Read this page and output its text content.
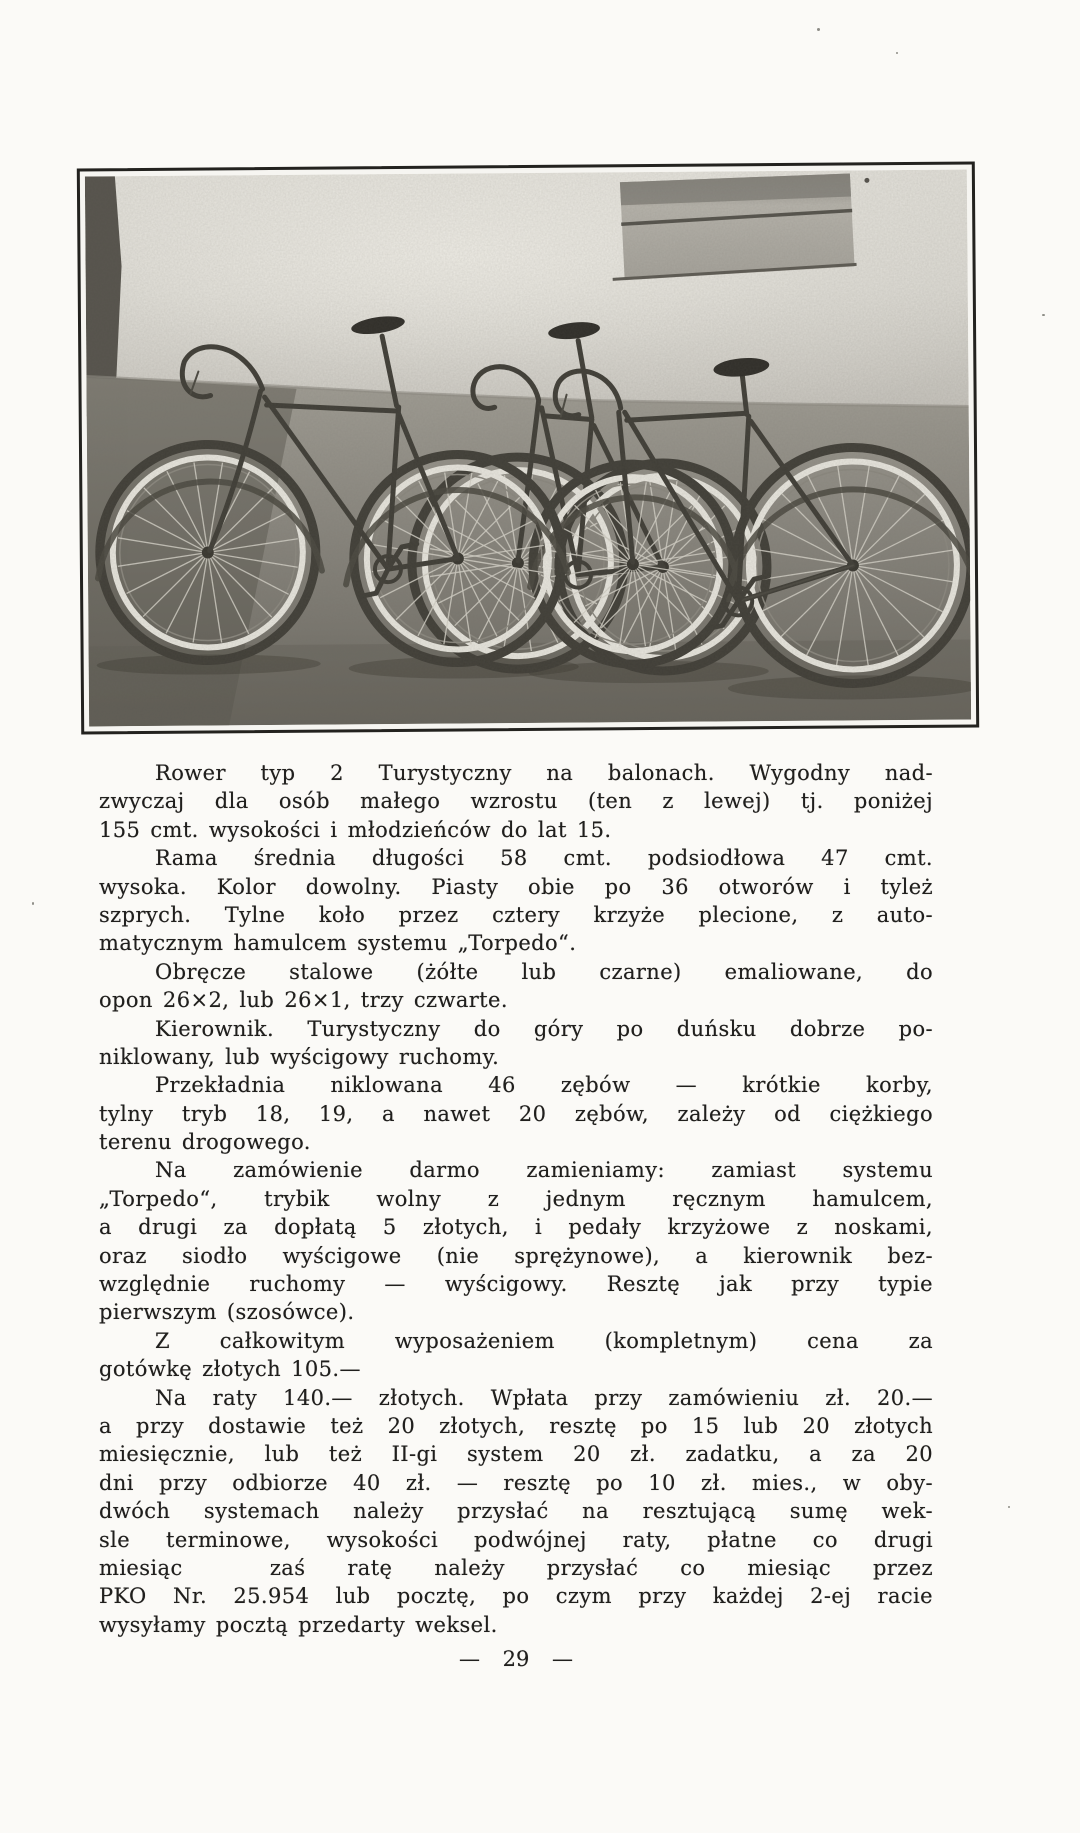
Rower typ 2 Turystyczny na balonach. Wygodny nad-
zwyczaj dla osób małego wzrostu (ten z lewej) tj. poniżej
155 cmt. wysokości i młodzieńców do lat 15.
Rama średnia długości 58 cmt. podsiodłowa 47 cmt.
wysoka. Kolor dowolny. Piasty obie po 36 otworów i tyleż
szprych. Tylne koło przez cztery krzyże plecione, z auto-
matycznym hamulcem systemu „Torpedo“.
Obręcze stalowe (żółte lub czarne) emaliowane, do
opon 26×2, lub 26×1, trzy czwarte.
Kierownik. Turystyczny do góry po duńsku dobrze po-
niklowany, lub wyścigowy ruchomy.
Przekładnia niklowana 46 zębów — krótkie korby,
tylny tryb 18, 19, a nawet 20 zębów, zależy od ciężkiego
terenu drogowego.
Na zamówienie darmo zamieniamy: zamiast systemu
„Torpedo“, trybik wolny z jednym ręcznym hamulcem,
a drugi za dopłatą 5 złotych, i pedały krzyżowe z noskami,
oraz siodło wyścigowe (nie sprężynowe), a kierownik bez-
względnie ruchomy — wyścigowy. Resztę jak przy typie
pierwszym (szosówce).
Z całkowitym wyposażeniem (kompletnym) cena za
gotówkę złotych 105.—
Na raty 140.— złotych. Wpłata przy zamówieniu zł. 20.—
a przy dostawie też 20 złotych, resztę po 15 lub 20 złotych
miesięcznie, lub też II-gi system 20 zł. zadatku, a za 20
dni przy odbiorze 40 zł. — resztę po 10 zł. mies., w oby-
dwóch systemach należy przysłać na resztującą sumę wek-
sle terminowe, wysokości podwójnej raty, płatne co drugi
miesiąc        zaś ratę należy przysłać co miesiąc przez
PKO Nr. 25.954 lub pocztę, po czym przy każdej 2-ej racie
wysyłamy pocztą przedarty weksel.
— 29 —
